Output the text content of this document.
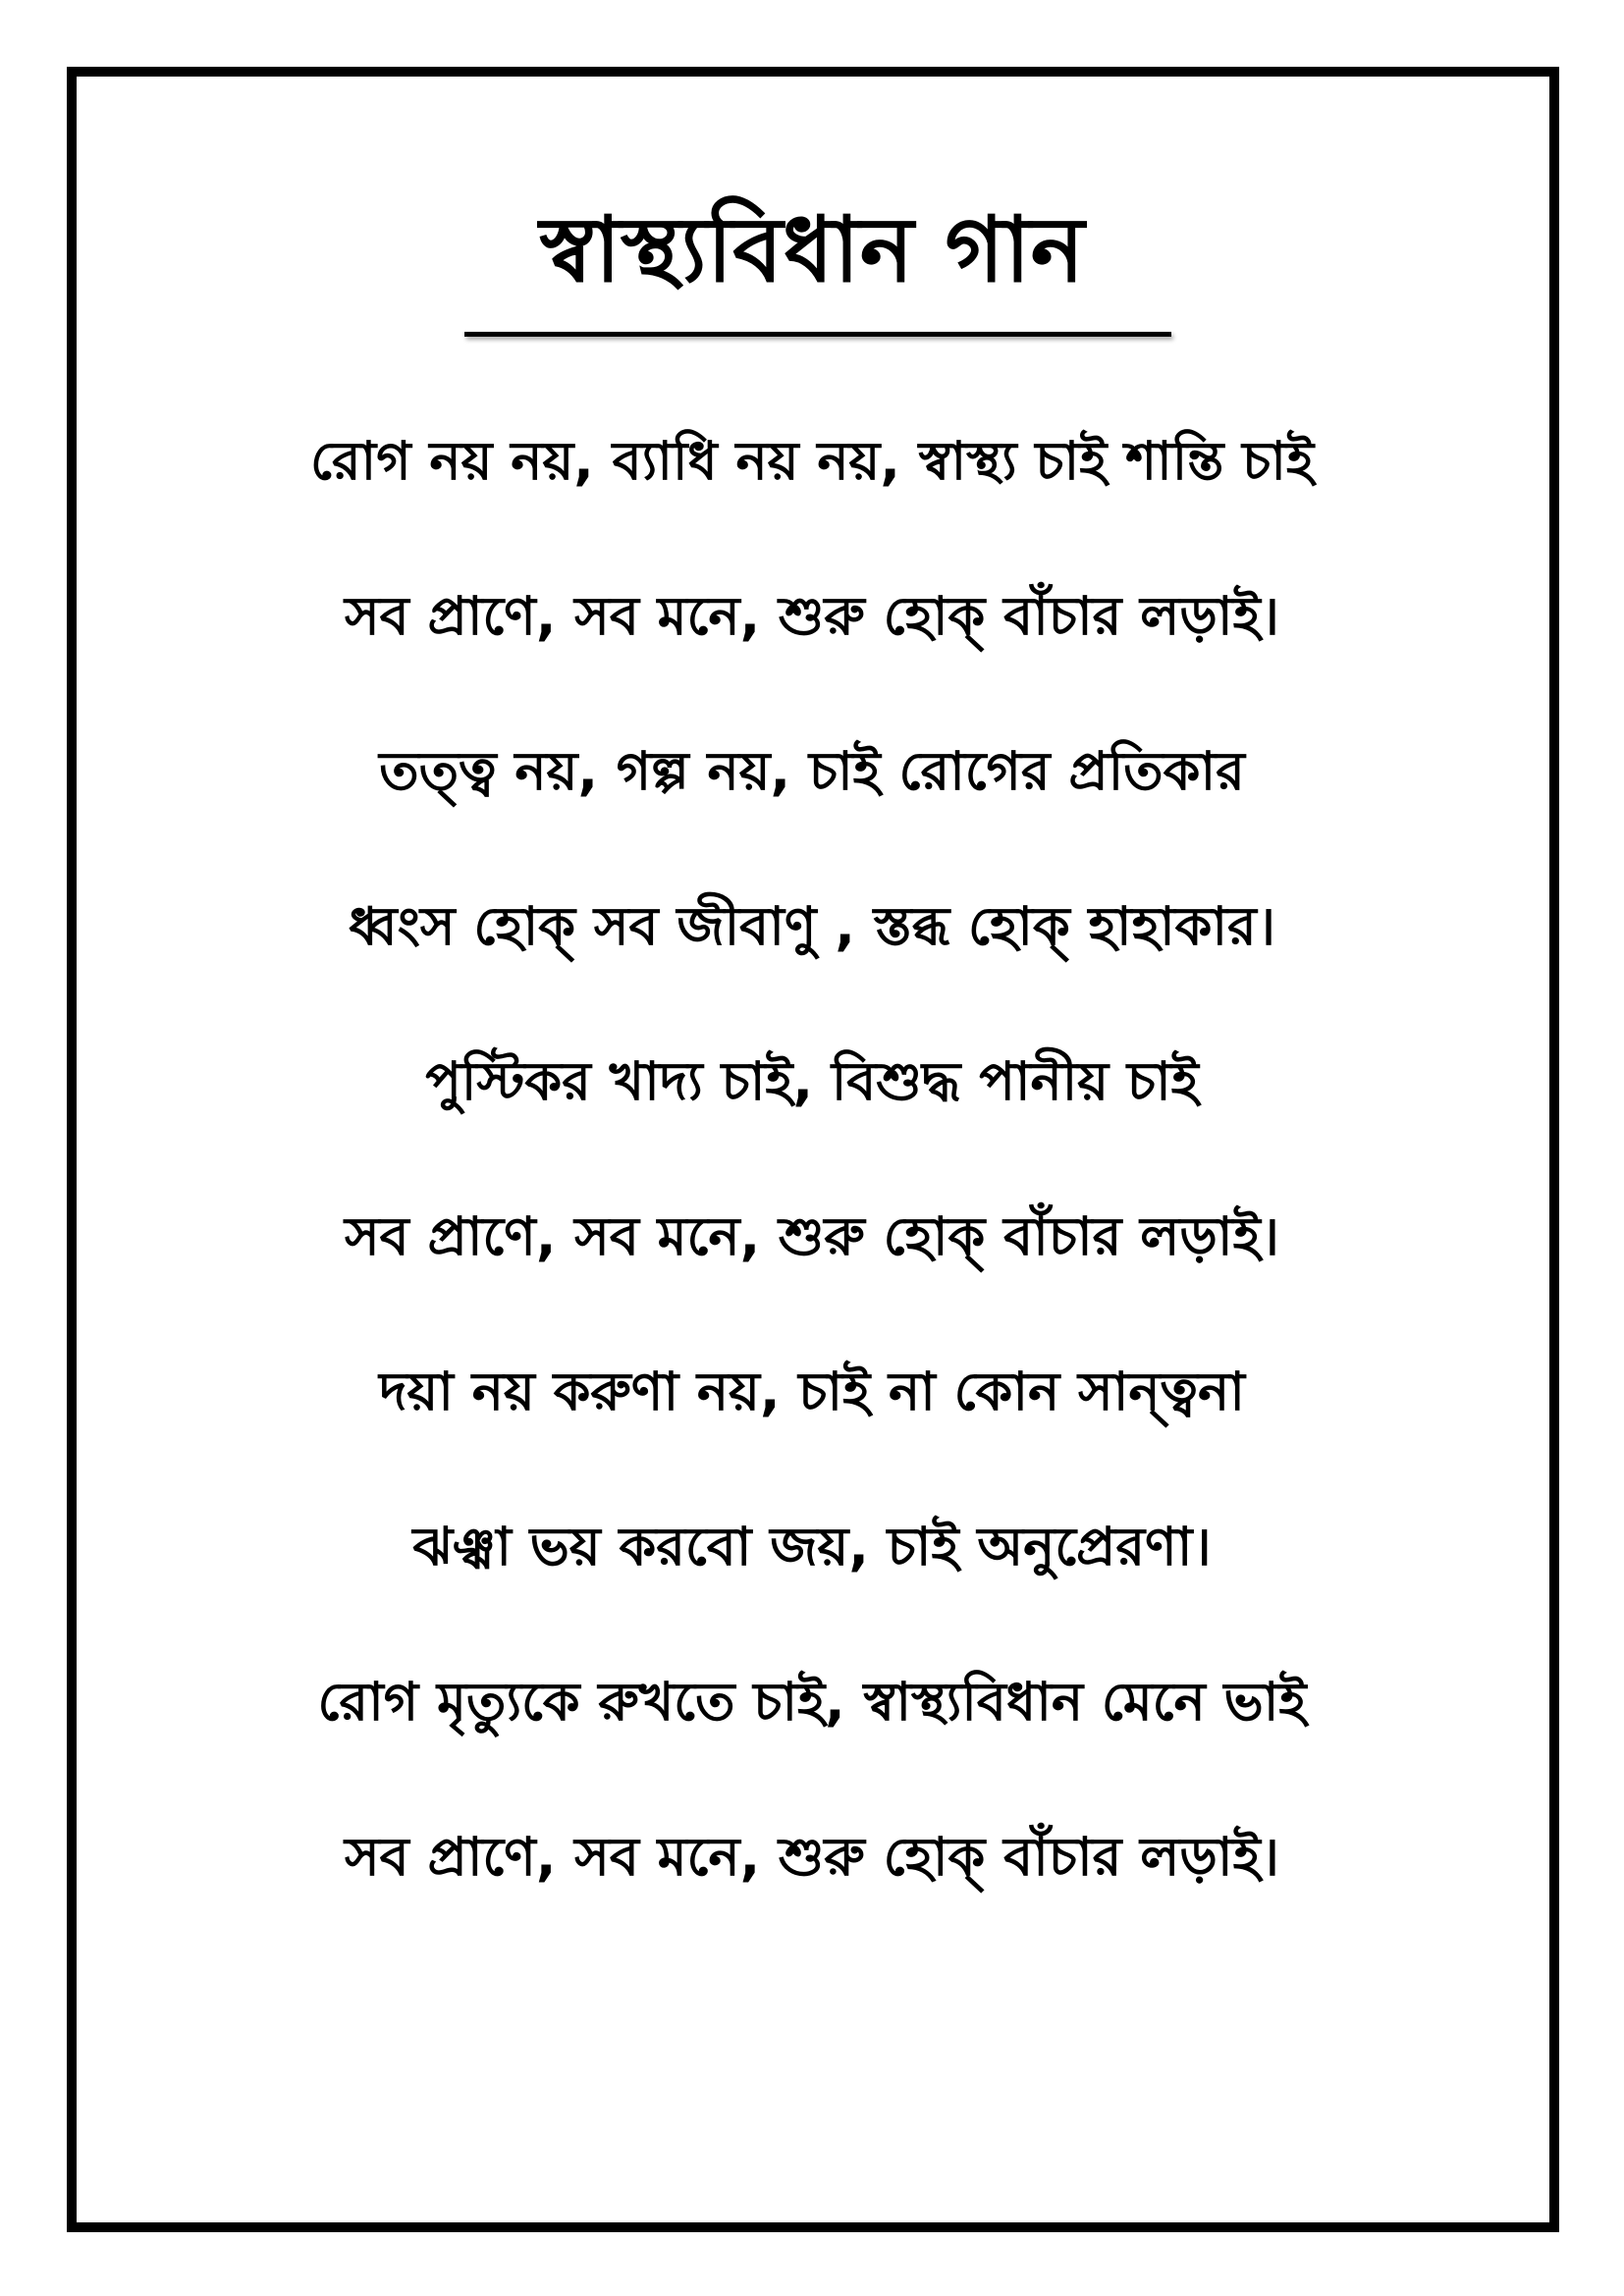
স্বাস্থ্যবিধান গান
রোগ নয় নয়, ব্যাধি নয় নয়, স্বাস্থ্য চাই শান্তি চাই
সব প্রাণে, সব মনে, শুরু হোক্ বাঁচার লড়াই।
তত্ত্ব নয়, গল্প নয়, চাই রোগের প্রতিকার
ধ্বংস হোক্ সব জীবাণু , স্তব্ধ হোক্ হাহাকার।
পুস্টিকর খাদ্য চাই, বিশুদ্ধ পানীয় চাই
সব প্রাণে, সব মনে, শুরু হোক্ বাঁচার লড়াই।
দয়া নয় করুণা নয়, চাই না কোন সান্ত্বনা
ঝঞ্ঝা ভয় করবো জয়, চাই অনুপ্রেরণা।
রোগ মৃত্যুকে রুখতে চাই, স্বাস্থ্যবিধান মেনে ভাই
সব প্রাণে, সব মনে, শুরু হোক্ বাঁচার লড়াই।
